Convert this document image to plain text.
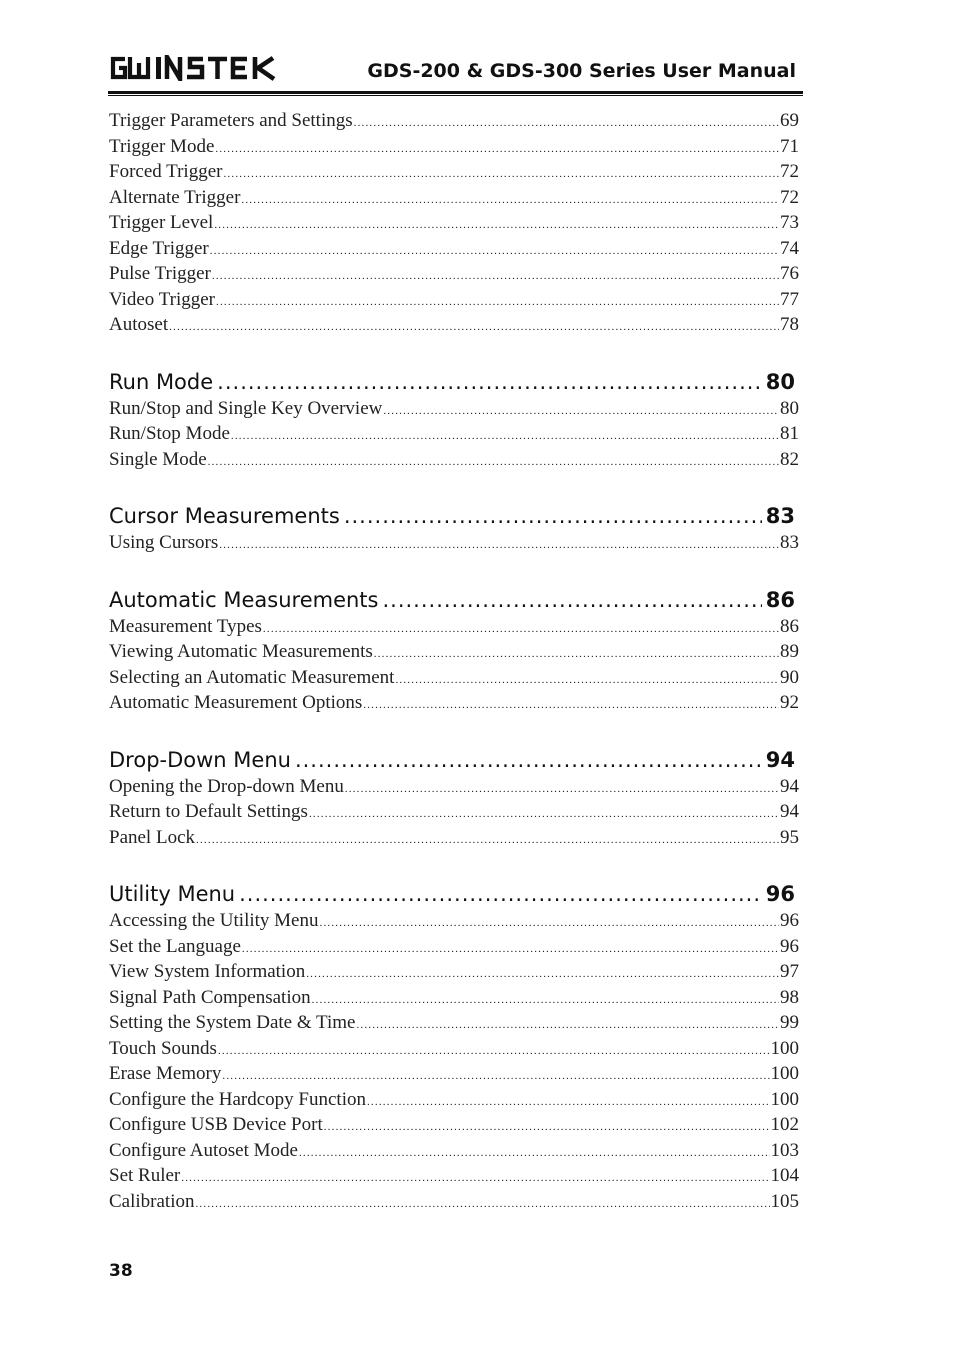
GDS-200 & GDS-300 Series User Manual
Trigger Parameters and Settings .....	69
Trigger Mode .....	71
Forced Trigger .....	72
Alternate Trigger .....	72
Trigger Level .....	73
Edge Trigger .....	74
Pulse Trigger .....	76
Video Trigger .....	77
Autoset .....	78
Run Mode .....	80
Run/Stop and Single Key Overview .....	80
Run/Stop Mode .....	81
Single Mode .....	82
Cursor Measurements .....	83
Using Cursors .....	83
Automatic Measurements .....	86
Measurement Types .....	86
Viewing Automatic Measurements .....	89
Selecting an Automatic Measurement .....	90
Automatic Measurement Options .....	92
Drop-Down Menu .....	94
Opening the Drop-down Menu .....	94
Return to Default Settings .....	94
Panel Lock .....	95
Utility Menu .....	96
Accessing the Utility Menu .....	96
Set the Language .....	96
View System Information .....	97
Signal Path Compensation .....	98
Setting the System Date & Time .....	99
Touch Sounds .....	100
Erase Memory .....	100
Configure the Hardcopy Function .....	100
Configure USB Device Port .....	102
Configure Autoset Mode .....	103
Set Ruler .....	104
Calibration .....	105
38
